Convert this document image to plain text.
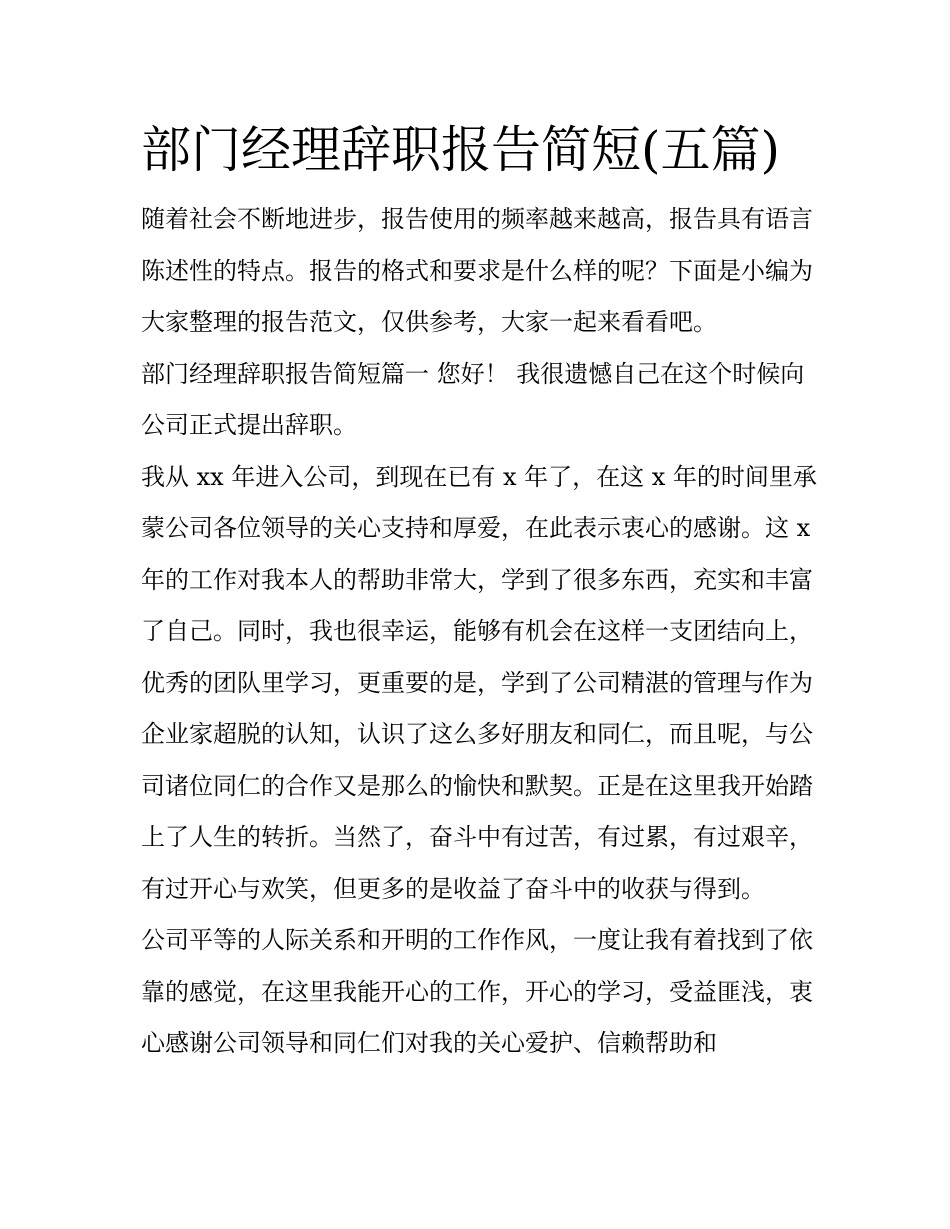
部门经理辞职报告简短(五篇)

随着社会不断地进步，报告使用的频率越来越高，报告具有语言陈述性的特点。报告的格式和要求是什么样的呢？下面是小编为大家整理的报告范文，仅供参考，大家一起来看看吧。

部门经理辞职报告简短篇一 您好！ 我很遗憾自己在这个时候向公司正式提出辞职。

我从 xx 年进入公司，到现在已有 x 年了，在这 x 年的时间里承蒙公司各位领导的关心支持和厚爱，在此表示衷心的感谢。这 x 年的工作对我本人的帮助非常大，学到了很多东西，充实和丰富了自己。同时，我也很幸运，能够有机会在这样一支团结向上，优秀的团队里学习，更重要的是，学到了公司精湛的管理与作为企业家超脱的认知，认识了这么多好朋友和同仁，而且呢，与公司诸位同仁的合作又是那么的愉快和默契。正是在这里我开始踏上了人生的转折。当然了，奋斗中有过苦，有过累，有过艰辛，有过开心与欢笑，但更多的是收益了奋斗中的收获与得到。

公司平等的人际关系和开明的工作作风，一度让我有着找到了依靠的感觉，在这里我能开心的工作，开心的学习，受益匪浅，衷心感谢公司领导和同仁们对我的关心爱护、信赖帮助和
